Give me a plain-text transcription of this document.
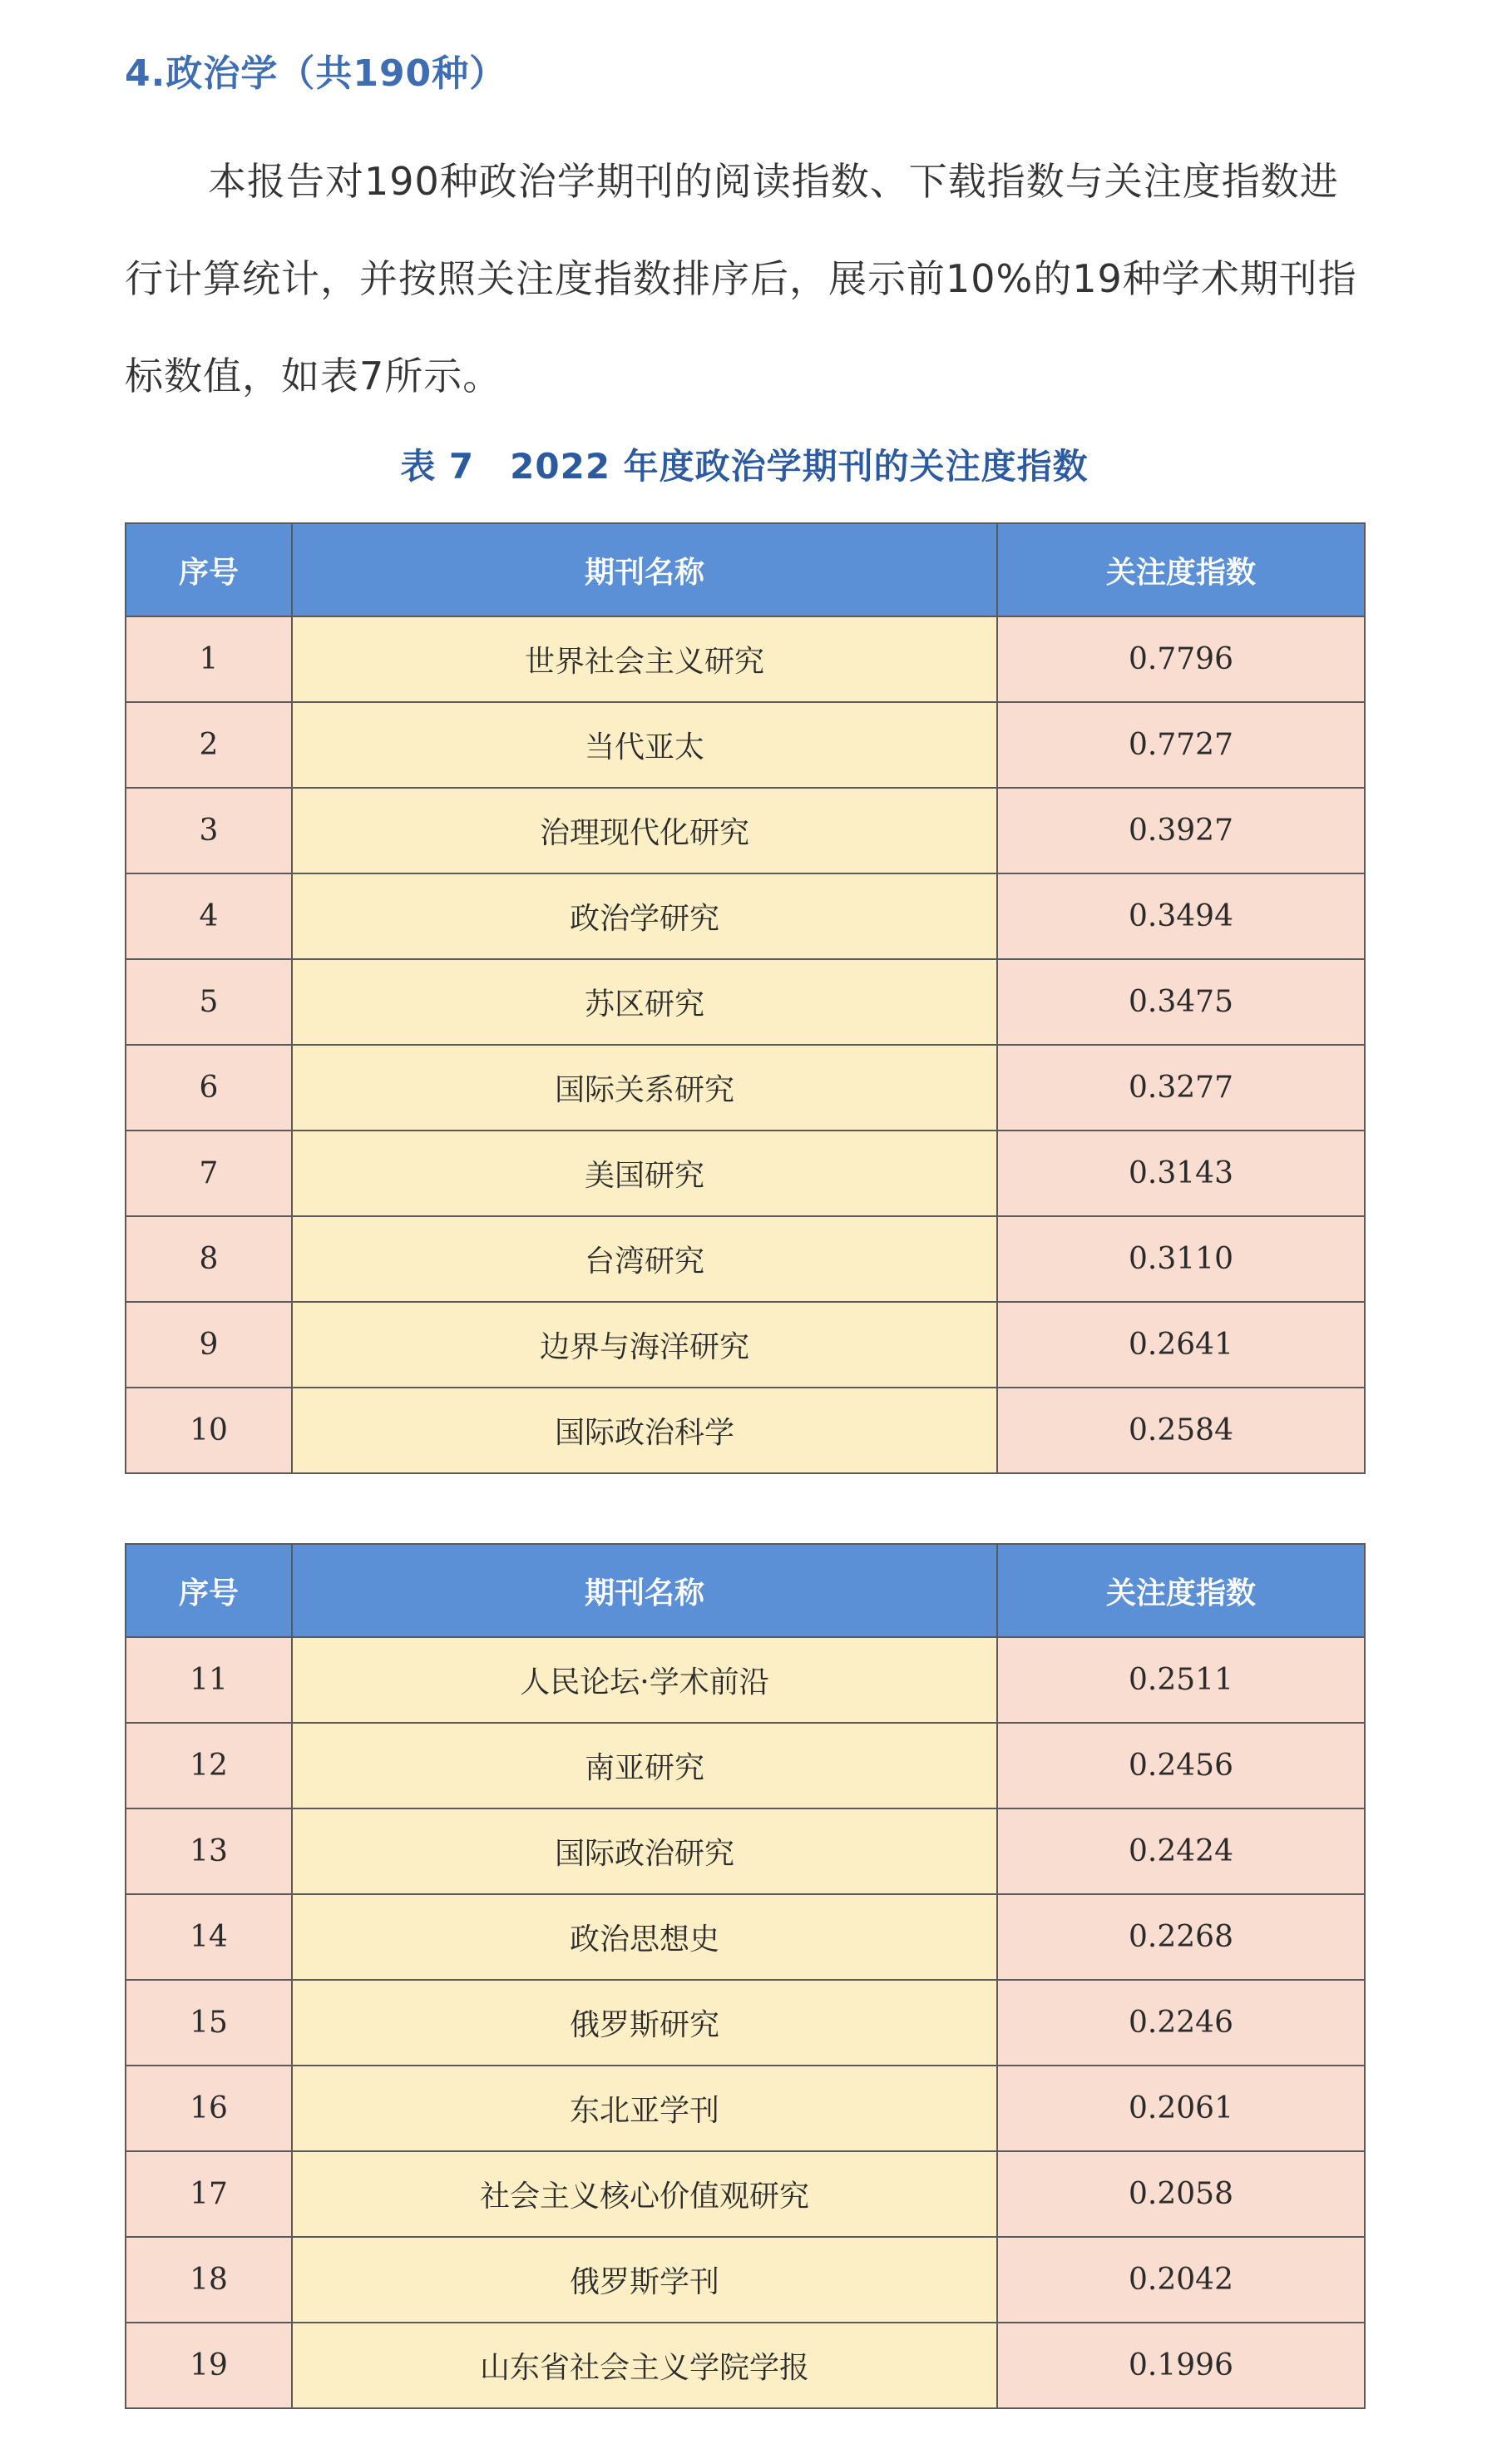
4.政治学（共190种）
本报告对190种政治学期刊的阅读指数、下载指数与关注度指数进行计算统计，并按照关注度指数排序后，展示前10%的19种学术期刊指标数值，如表7所示。
表 7　2022 年度政治学期刊的关注度指数
序号	期刊名称	关注度指数
1	世界社会主义研究	0.7796
2	当代亚太	0.7727
3	治理现代化研究	0.3927
4	政治学研究	0.3494
5	苏区研究	0.3475
6	国际关系研究	0.3277
7	美国研究	0.3143
8	台湾研究	0.3110
9	边界与海洋研究	0.2641
10	国际政治科学	0.2584
序号	期刊名称	关注度指数
11	人民论坛·学术前沿	0.2511
12	南亚研究	0.2456
13	国际政治研究	0.2424
14	政治思想史	0.2268
15	俄罗斯研究	0.2246
16	东北亚学刊	0.2061
17	社会主义核心价值观研究	0.2058
18	俄罗斯学刊	0.2042
19	山东省社会主义学院学报	0.1996
